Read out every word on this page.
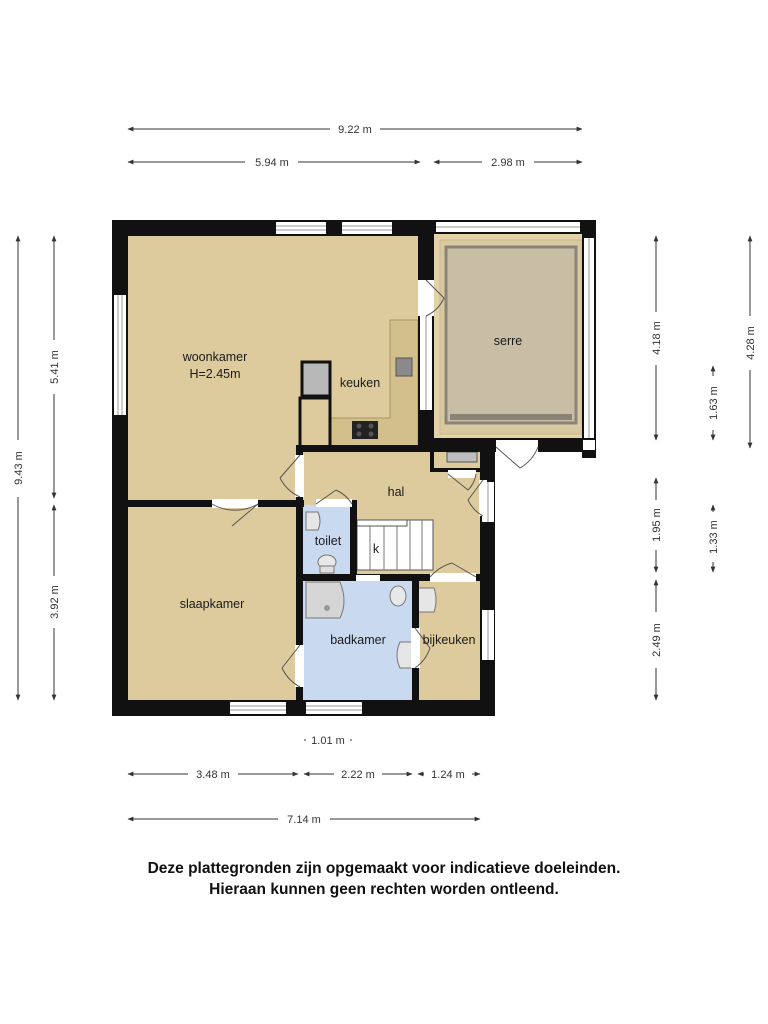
woonkamer
H=2.45m
keuken
serre
hal
toilet
k
slaapkamer
badkamer	bijkeuken
9.22 m
5.94 m	2.98 m
9.43 m
5.41 m
3.92 m
4.18 m	4.28 m
1.63 m
1.95 m	1.33 m
2.49 m
1.01 m
3.48 m	2.22 m	1.24 m
7.14 m
Deze plattegronden zijn opgemaakt voor indicatieve doeleinden.
Hieraan kunnen geen rechten worden ontleend.
